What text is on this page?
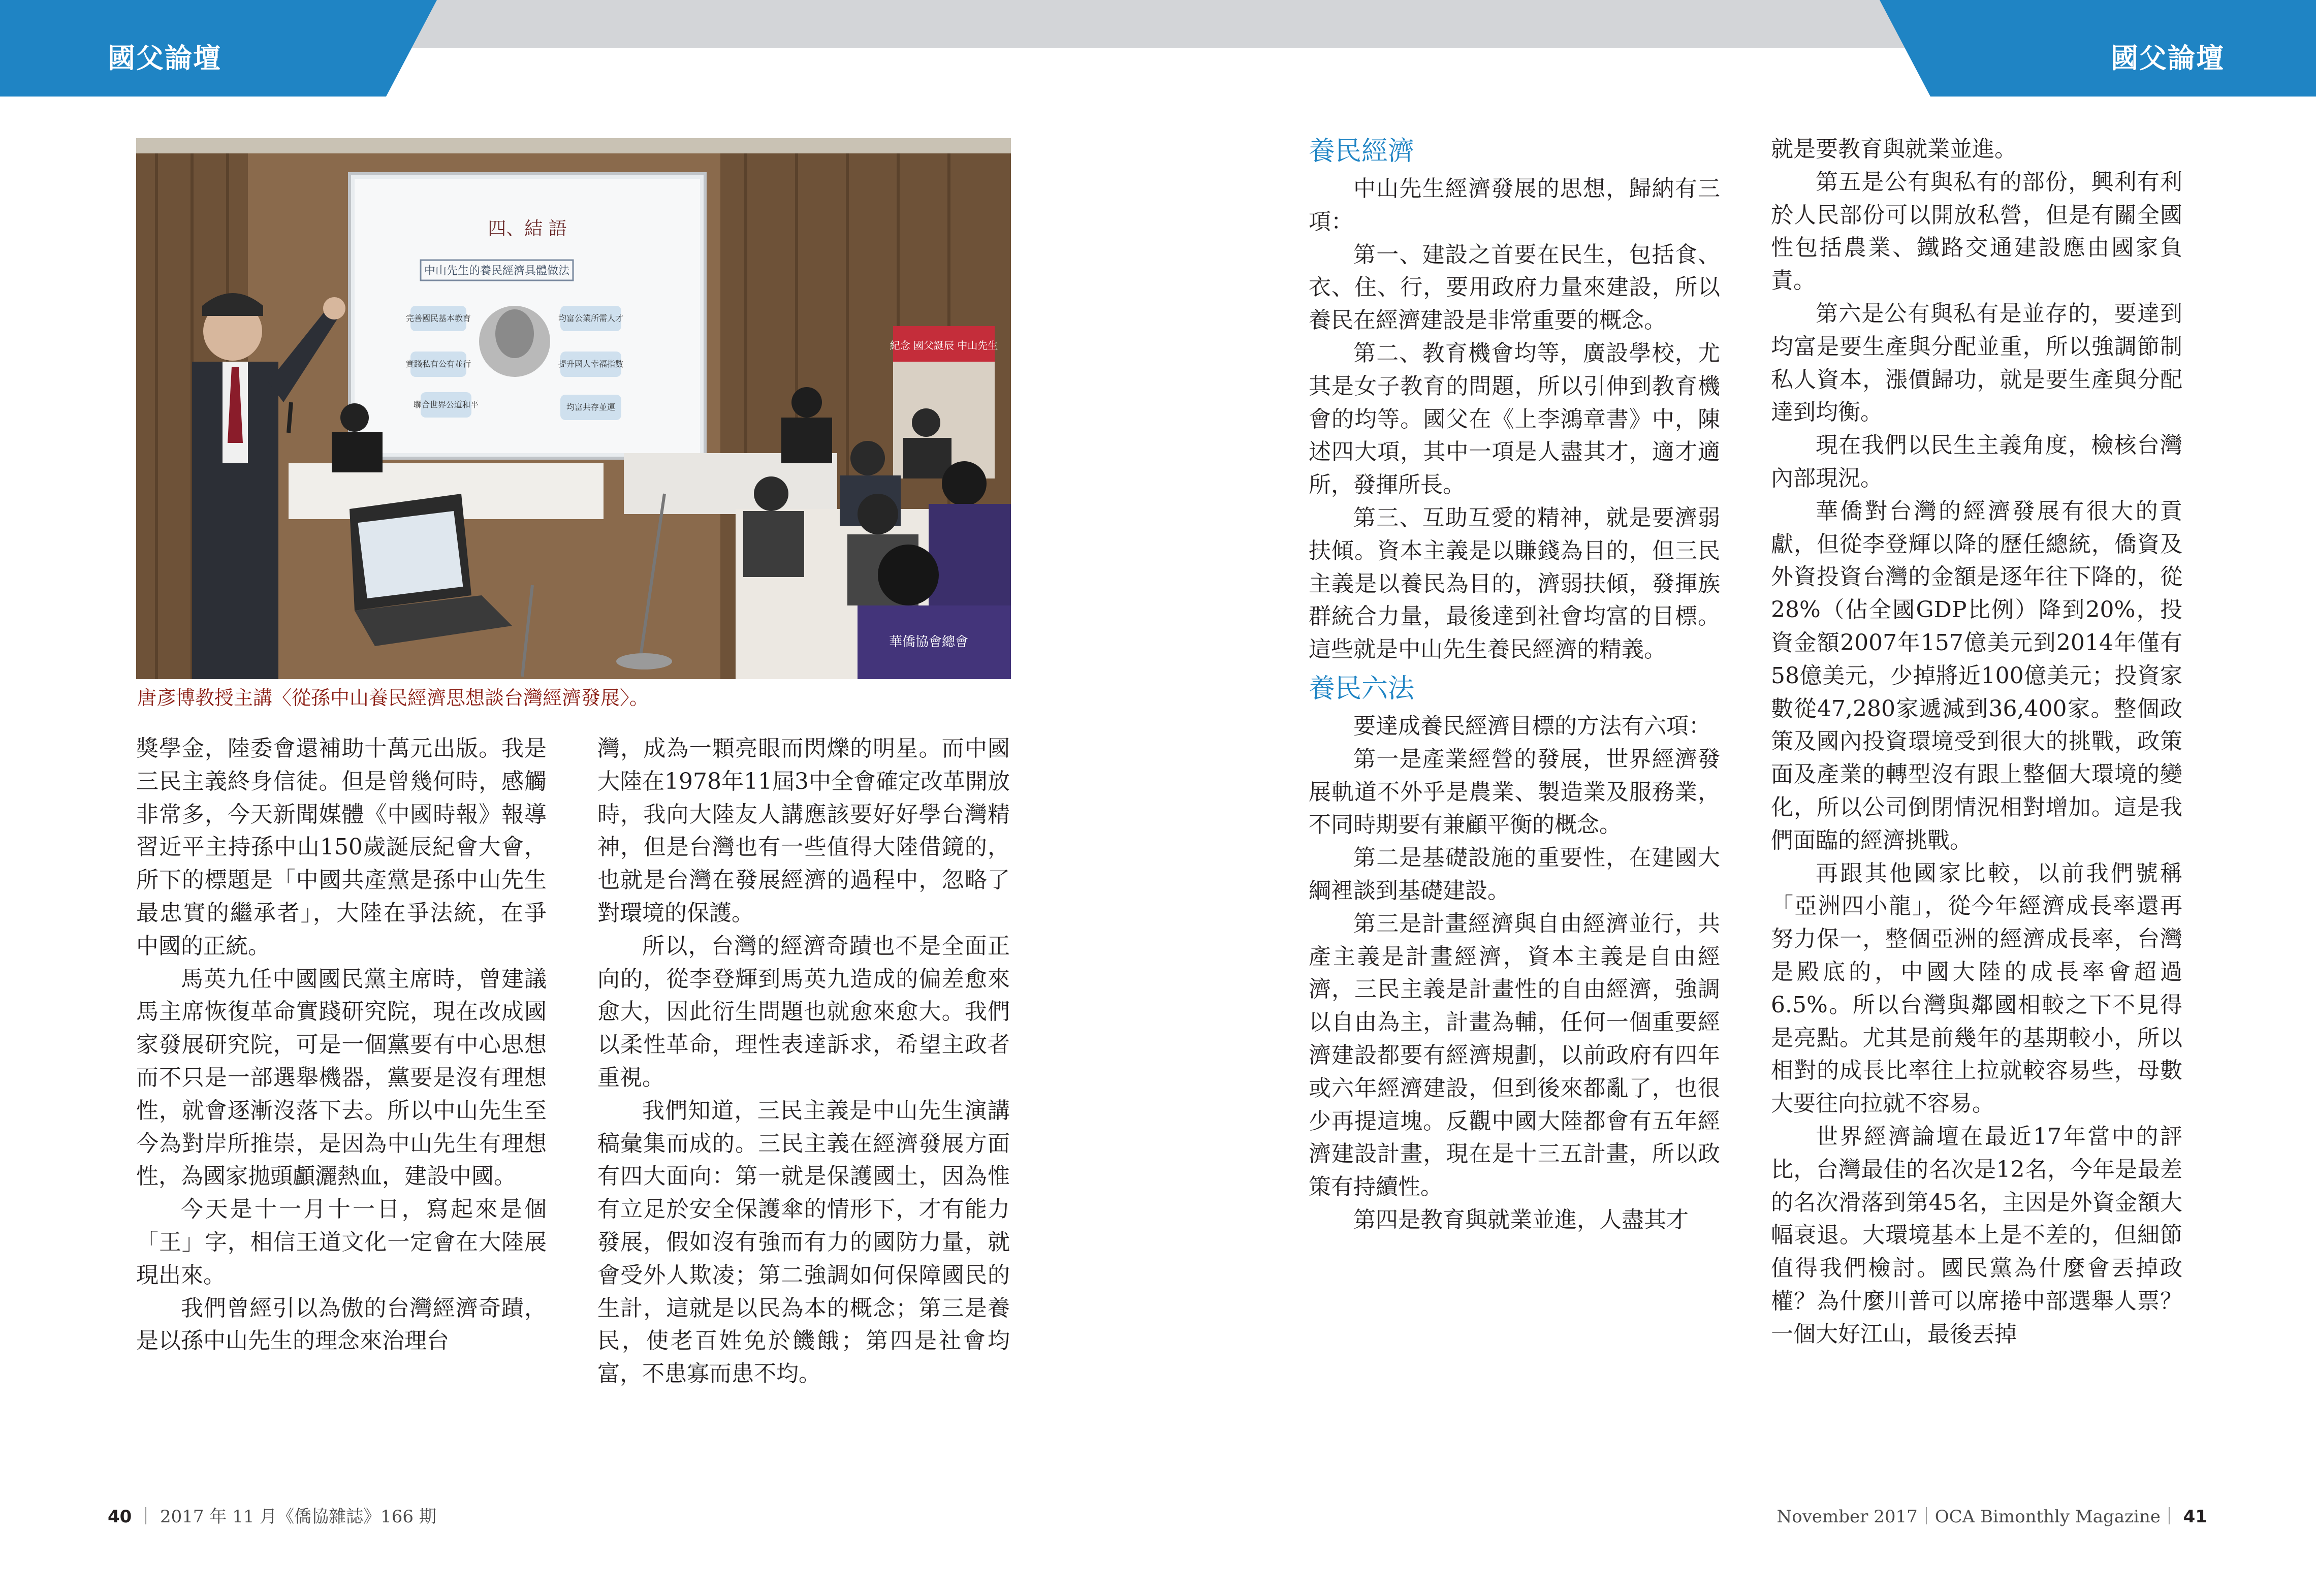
國父論壇	國父論壇
四、結 語
中山先生的養民經濟具體做法
完善國民基本教育
實踐私有公有並行
均富公業所需人才
提升國人幸福指數
聯合世界公道和平	均富共存並運
紀念 國父誕辰 中山先生
華僑協會總會
唐彥博教授主講〈從孫中山養民經濟思想談台灣經濟發展〉。

獎學金，陸委會還補助十萬元出版。我是三民主義終身信徒。但是曾幾何時，感觸非常多，今天新聞媒體《中國時報》報導習近平主持孫中山150歲誕辰紀會大會，所下的標題是「中國共產黨是孫中山先生最忠實的繼承者」，大陸在爭法統，在爭中國的正統。

馬英九任中國國民黨主席時，曾建議馬主席恢復革命實踐研究院，現在改成國家發展研究院，可是一個黨要有中心思想而不只是一部選舉機器，黨要是沒有理想性，就會逐漸沒落下去。所以中山先生至今為對岸所推崇，是因為中山先生有理想性，為國家拋頭顱灑熱血，建設中國。

今天是十一月十一日，寫起來是個「王」字，相信王道文化一定會在大陸展現出來。

我們曾經引以為傲的台灣經濟奇蹟，是以孫中山先生的理念來治理台

灣，成為一顆亮眼而閃爍的明星。而中國大陸在1978年11屆3中全會確定改革開放時，我向大陸友人講應該要好好學台灣精神，但是台灣也有一些值得大陸借鏡的，也就是台灣在發展經濟的過程中，忽略了對環境的保護。

所以，台灣的經濟奇蹟也不是全面正向的，從李登輝到馬英九造成的偏差愈來愈大，因此衍生問題也就愈來愈大。我們以柔性革命，理性表達訴求，希望主政者重視。

我們知道，三民主義是中山先生演講稿彙集而成的。三民主義在經濟發展方面有四大面向：第一就是保護國土，因為惟有立足於安全保護傘的情形下，才有能力發展，假如沒有強而有力的國防力量，就會受外人欺凌；第二強調如何保障國民的生計，這就是以民為本的概念；第三是養民，使老百姓免於饑餓；第四是社會均富，不患寡而患不均。

養民經濟

中山先生經濟發展的思想，歸納有三項：

第一、建設之首要在民生，包括食、衣、住、行，要用政府力量來建設，所以養民在經濟建設是非常重要的概念。

第二、教育機會均等，廣設學校，尤其是女子教育的問題，所以引伸到教育機會的均等。國父在《上李鴻章書》中，陳述四大項，其中一項是人盡其才，適才適所，發揮所長。

第三、互助互愛的精神，就是要濟弱扶傾。資本主義是以賺錢為目的，但三民主義是以養民為目的，濟弱扶傾，發揮族群統合力量，最後達到社會均富的目標。這些就是中山先生養民經濟的精義。

養民六法

要達成養民經濟目標的方法有六項：

第一是產業經營的發展，世界經濟發展軌道不外乎是農業、製造業及服務業，不同時期要有兼顧平衡的概念。

第二是基礎設施的重要性，在建國大綱裡談到基礎建設。

第三是計畫經濟與自由經濟並行，共產主義是計畫經濟，資本主義是自由經濟，三民主義是計畫性的自由經濟，強調以自由為主，計畫為輔，任何一個重要經濟建設都要有經濟規劃，以前政府有四年或六年經濟建設，但到後來都亂了，也很少再提這塊。反觀中國大陸都會有五年經濟建設計畫，現在是十三五計畫，所以政策有持續性。

第四是教育與就業並進，人盡其才

就是要教育與就業並進。

第五是公有與私有的部份，興利有利於人民部份可以開放私營，但是有關全國性包括農業、鐵路交通建設應由國家負責。

第六是公有與私有是並存的，要達到均富是要生產與分配並重，所以強調節制私人資本，漲價歸功，就是要生產與分配達到均衡。

現在我們以民生主義角度，檢核台灣內部現況。

華僑對台灣的經濟發展有很大的貢獻，但從李登輝以降的歷任總統，僑資及外資投資台灣的金額是逐年往下降的，從28%（佔全國GDP比例）降到20%，投資金額2007年157億美元到2014年僅有58億美元，少掉將近100億美元；投資家數從47,280家遞減到36,400家。整個政策及國內投資環境受到很大的挑戰，政策面及產業的轉型沒有跟上整個大環境的變化，所以公司倒閉情況相對增加。這是我們面臨的經濟挑戰。

再跟其他國家比較，以前我們號稱「亞洲四小龍」，從今年經濟成長率還再努力保一，整個亞洲的經濟成長率，台灣是殿底的，中國大陸的成長率會超過6.5%。所以台灣與鄰國相較之下不見得是亮點。尤其是前幾年的基期較小，所以相對的成長比率往上拉就較容易些，母數大要往向拉就不容易。

世界經濟論壇在最近17年當中的評比，台灣最佳的名次是12名，今年是最差的名次滑落到第45名，主因是外資金額大幅衰退。大環境基本上是不差的，但細節值得我們檢討。國民黨為什麼會丟掉政權？為什麼川普可以席捲中部選舉人票？一個大好江山，最後丟掉

40 ｜ 2017 年 11 月《僑協雜誌》166 期	November 2017｜OCA Bimonthly Magazine｜ 41
